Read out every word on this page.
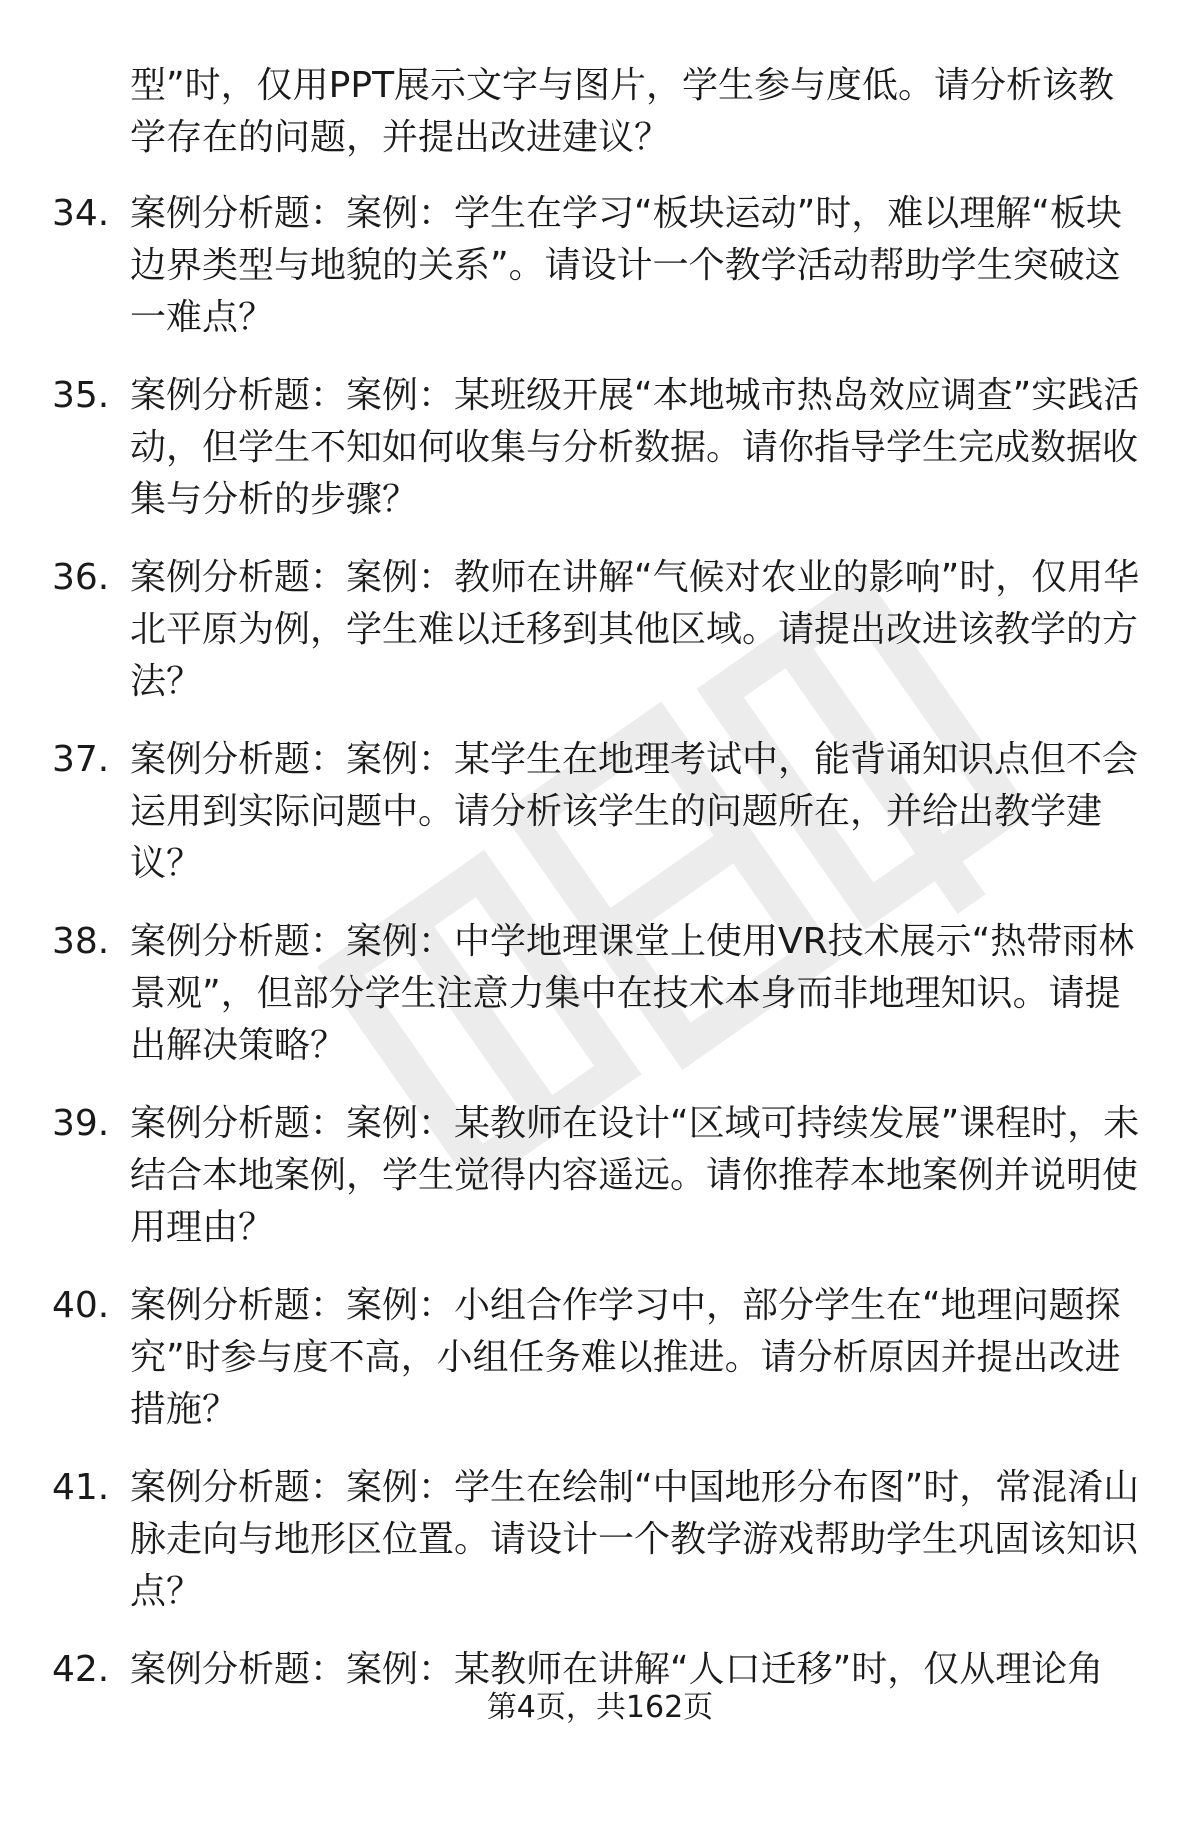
型”时，仅用PPT展示文字与图片，学生参与度低。请分析该教学存在的问题，并提出改进建议？

34. 案例分析题：案例：学生在学习“板块运动”时，难以理解“板块边界类型与地貌的关系”。请设计一个教学活动帮助学生突破这一难点？
35. 案例分析题：案例：某班级开展“本地城市热岛效应调查”实践活动，但学生不知如何收集与分析数据。请你指导学生完成数据收集与分析的步骤？
36. 案例分析题：案例：教师在讲解“气候对农业的影响”时，仅用华北平原为例，学生难以迁移到其他区域。请提出改进该教学的方法？
37. 案例分析题：案例：某学生在地理考试中，能背诵知识点但不会运用到实际问题中。请分析该学生的问题所在，并给出教学建议？
38. 案例分析题：案例：中学地理课堂上使用VR技术展示“热带雨林景观”，但部分学生注意力集中在技术本身而非地理知识。请提出解决策略？
39. 案例分析题：案例：某教师在设计“区域可持续发展”课程时，未结合本地案例，学生觉得内容遥远。请你推荐本地案例并说明使用理由？
40. 案例分析题：案例：小组合作学习中，部分学生在“地理问题探究”时参与度不高，小组任务难以推进。请分析原因并提出改进措施？
41. 案例分析题：案例：学生在绘制“中国地形分布图”时，常混淆山脉走向与地形区位置。请设计一个教学游戏帮助学生巩固该知识点？
42. 案例分析题：案例：某教师在讲解“人口迁移”时，仅从理论角
第4页，共162页
